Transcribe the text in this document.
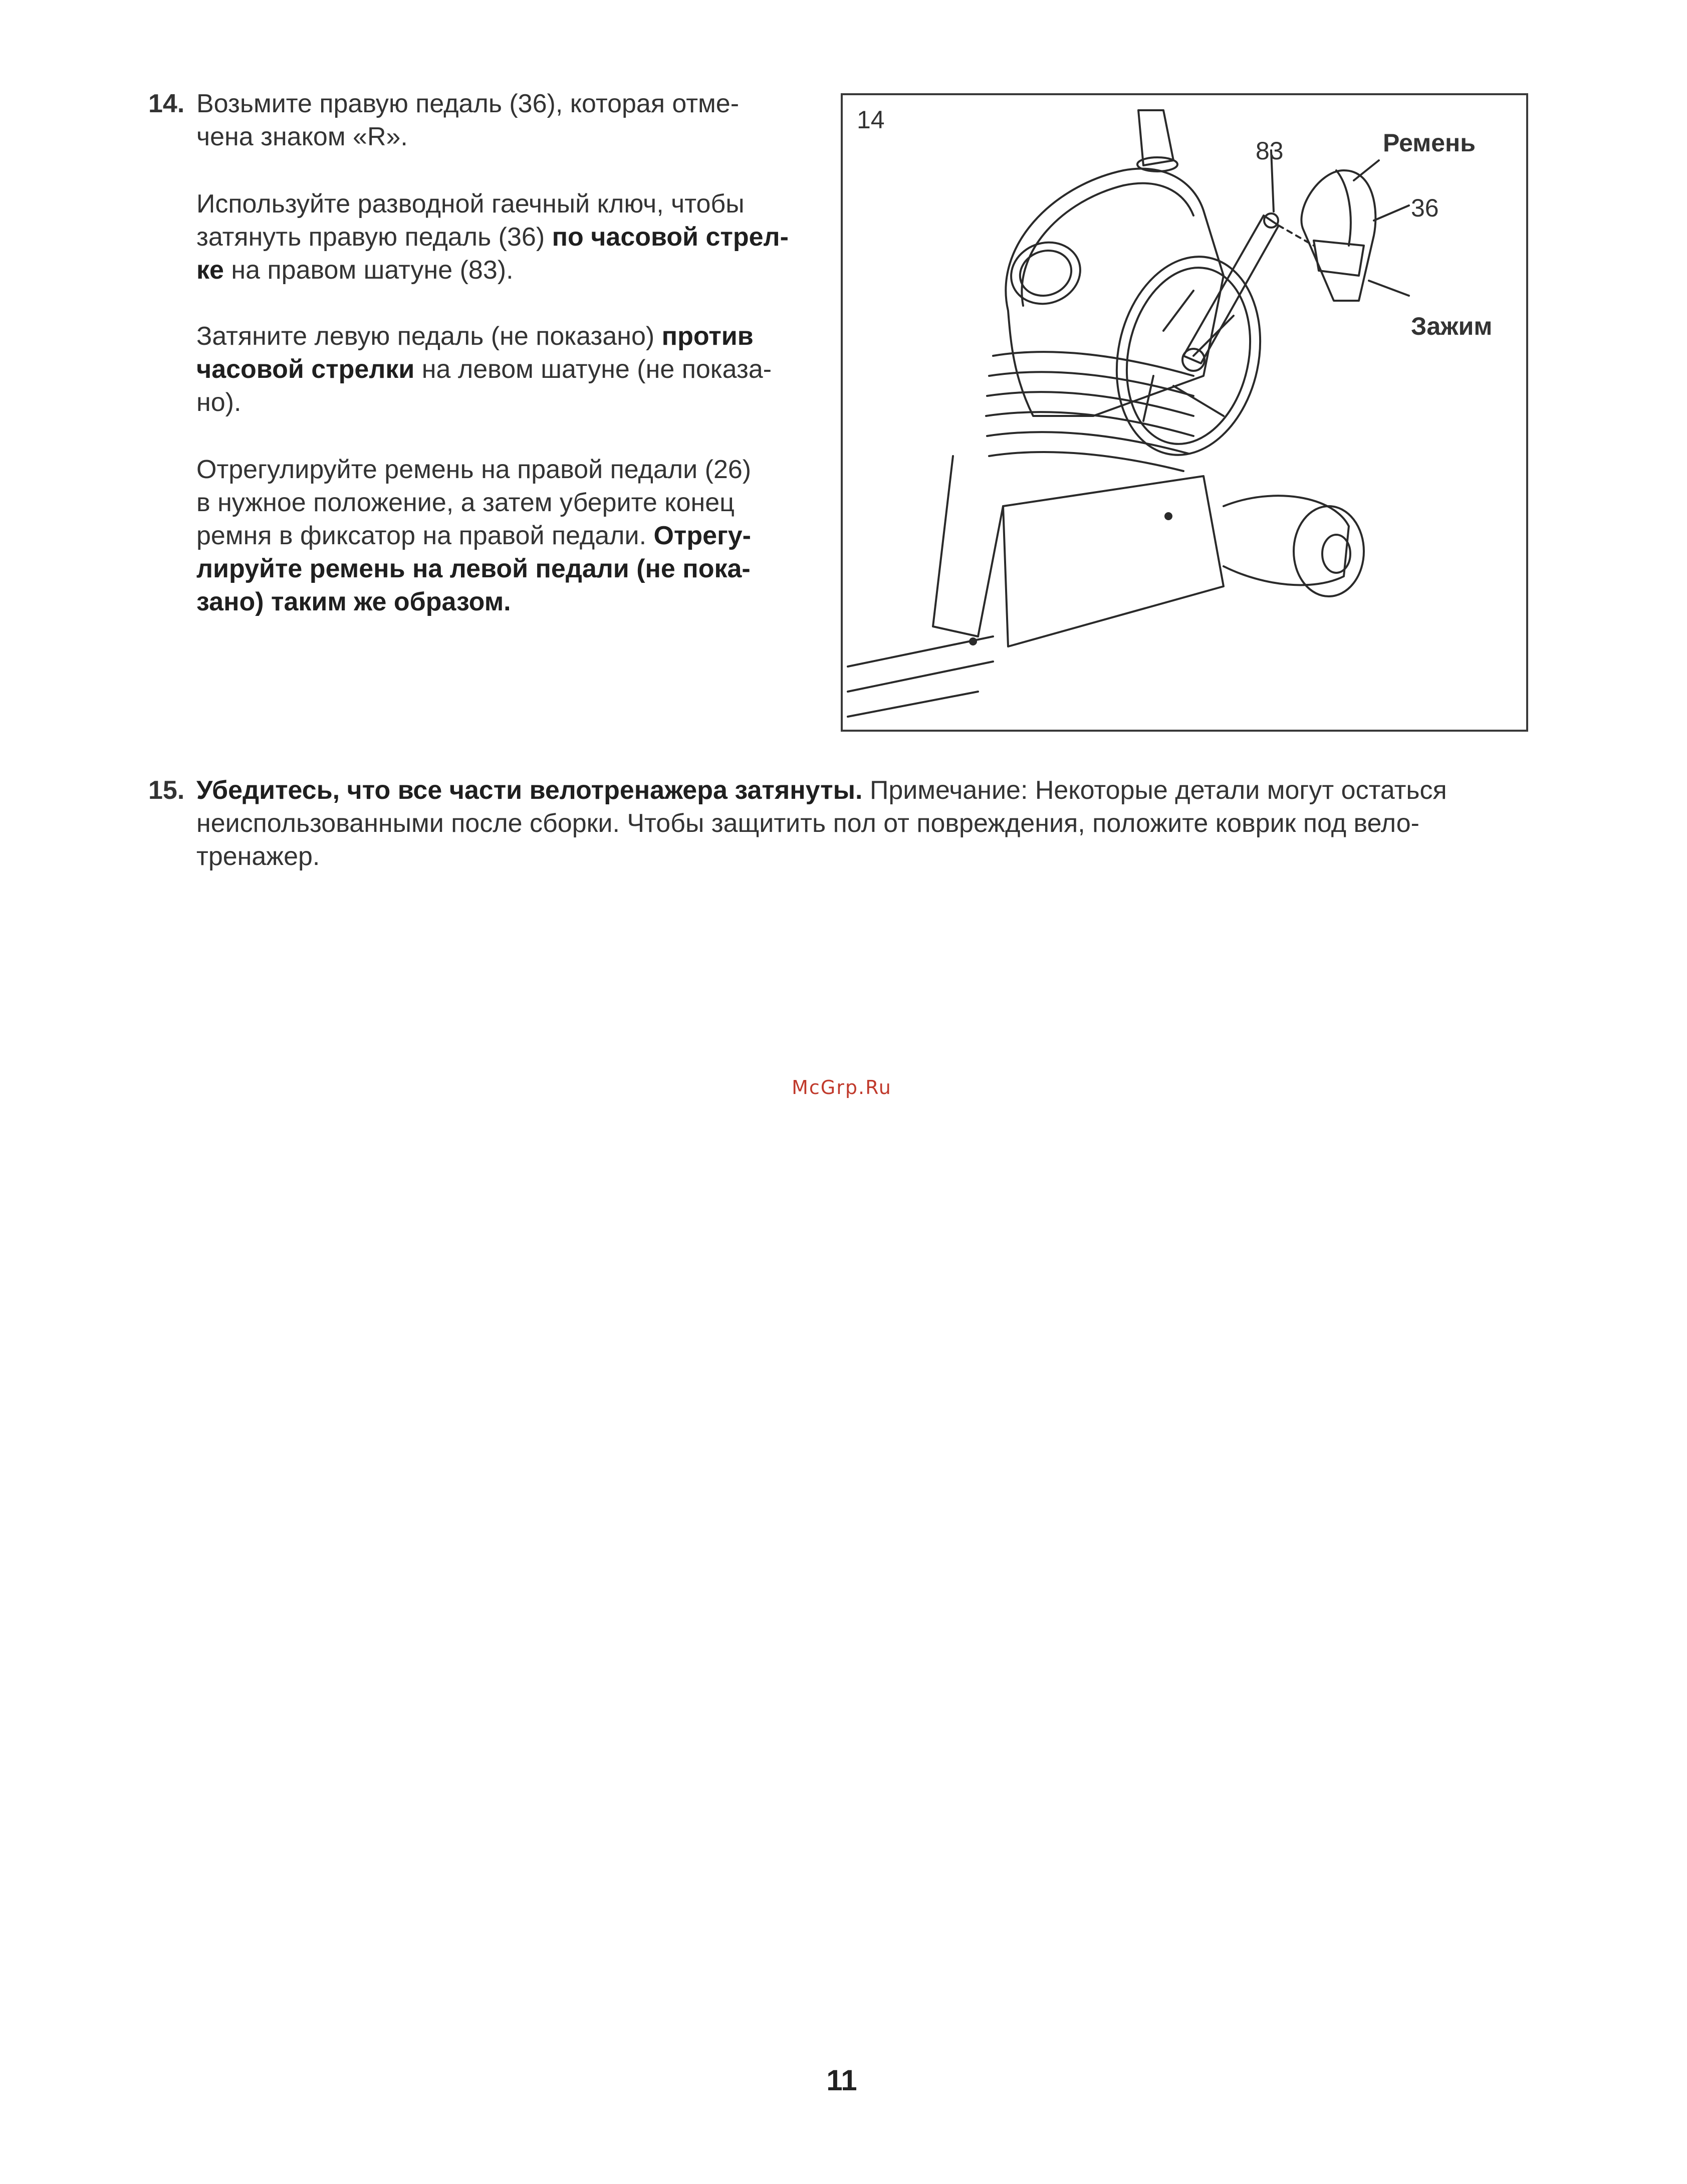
14. Возьмите правую педаль (36), которая отме-
чена знаком «R».
Используйте разводной гаечный ключ, чтобы
затянуть правую педаль (36) по часовой стрел-
ке на правом шатуне (83).
Затяните левую педаль (не показано) против
часовой стрелки на левом шатуне (не показа-
но).
Отрегулируйте ремень на правой педали (26)
в нужное положение, а затем уберите конец
ремня в фиксатор на правой педали. Отрегу-
лируйте ремень на левой педали (не пока-
зано) таким же образом.
14
83	Ремень
36
Зажим
15. Убедитесь, что все части велотренажера затянуты. Примечание: Некоторые детали могут остаться
неиспользованными после сборки. Чтобы защитить пол от повреждения, положите коврик под вело-
тренажер.
McGrp.Ru
11
